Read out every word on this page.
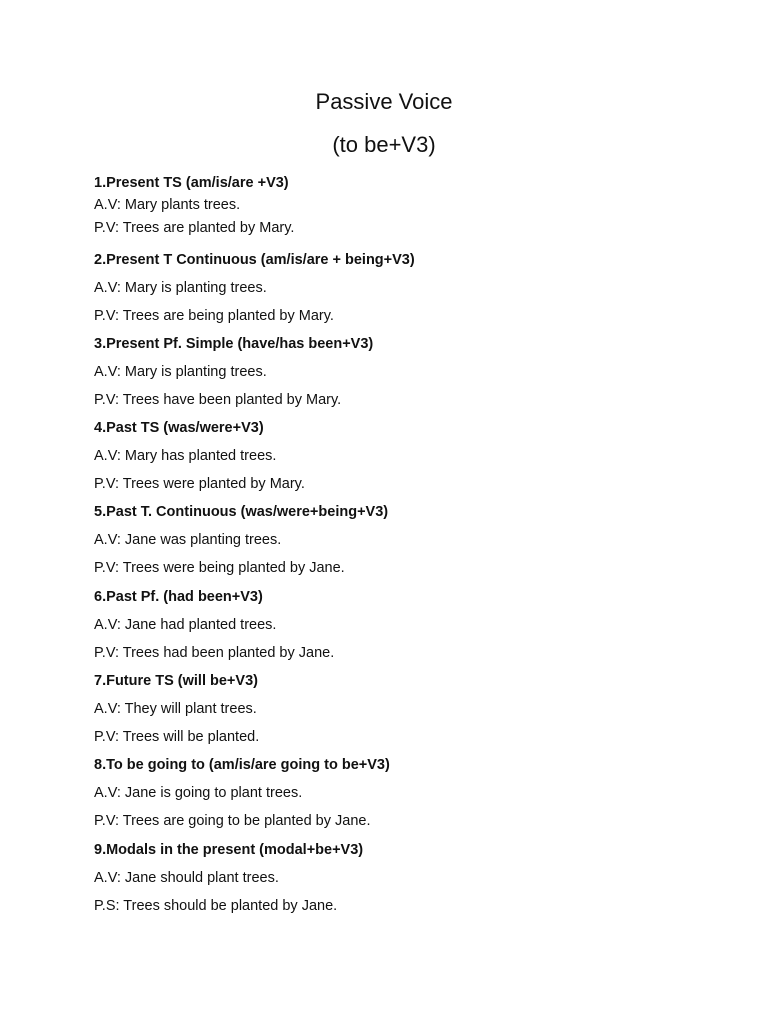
Passive Voice
(to be+V3)

1.Present TS (am/is/are +V3)

A.V: Mary plants trees.

P.V: Trees are planted by Mary.

2.Present T Continuous (am/is/are + being+V3)

A.V: Mary is planting trees.

P.V: Trees are being planted by Mary.

3.Present Pf. Simple (have/has been+V3)

A.V: Mary is planting trees.

P.V: Trees have been planted by Mary.

4.Past TS (was/were+V3)

A.V: Mary has planted trees.

P.V: Trees were planted by Mary.

5.Past T. Continuous (was/were+being+V3)

A.V: Jane was planting trees.

P.V: Trees were being planted by Jane.

6.Past Pf. (had been+V3)

A.V: Jane had planted trees.

P.V: Trees had been planted by Jane.

7.Future TS (will be+V3)

A.V: They will plant trees.

P.V: Trees will be planted.

8.To be going to (am/is/are going to be+V3)

A.V: Jane is going to plant trees.

P.V: Trees are going to be planted by Jane.

9.Modals in the present (modal+be+V3)

A.V: Jane should plant trees.

P.S: Trees should be planted by Jane.
